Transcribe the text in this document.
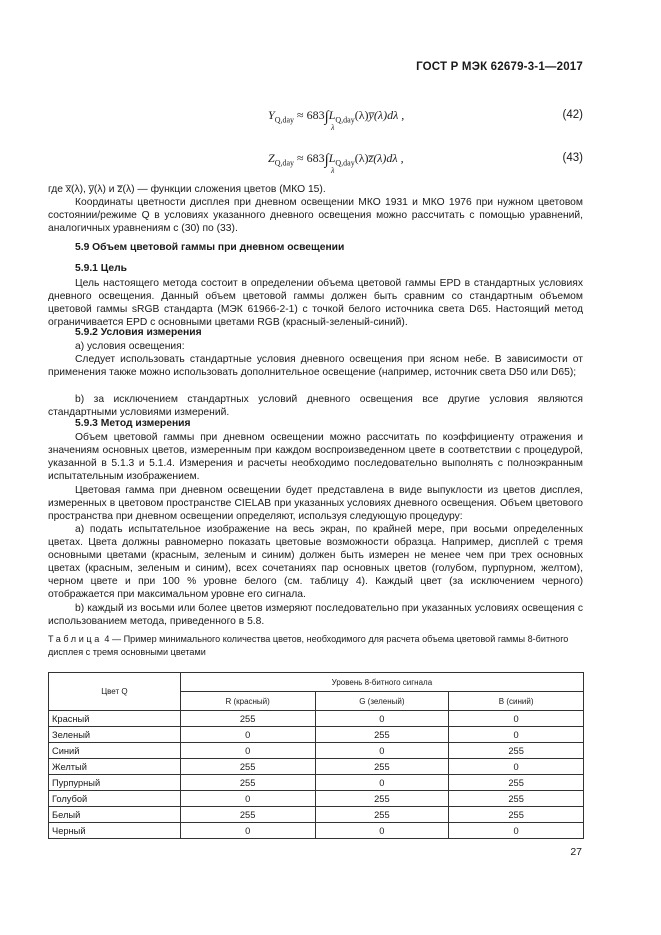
ГОСТ Р МЭК 62679-3-1—2017
$Y_{Q,day}$ ≈ $683\int L_{Q,day}(\lambda)y̅(\lambda)d\lambda$ ,
λ
(42)
$Z_{Q,day}$ ≈ $683\int L_{Q,day}(\lambda)z̅(\lambda)d\lambda$ ,
λ
(43)
где x̅(λ), y̅(λ) и z̅(λ) — функции сложения цветов (МКО 15).
Координаты цветности дисплея при дневном освещении МКО 1931 и МКО 1976 при нужном цветовом состоянии/режиме Q в условиях указанного дневного освещения можно рассчитать с помощью уравнений, аналогичных уравнениям с (30) по (33).
5.9 Объем цветовой гаммы при дневном освещении
5.9.1 Цель
Цель настоящего метода состоит в определении объема цветовой гаммы EPD в стандартных условиях дневного освещения. Данный объем цветовой гаммы должен быть сравним со стандартным объемом цветовой гаммы sRGB стандарта (МЭК 61966-2-1) с точкой белого источника света D65. Настоящий метод ограничивается EPD с основными цветами RGB (красный-зеленый-синий).
5.9.2 Условия измерения
а) условия освещения:
Следует использовать стандартные условия дневного освещения при ясном небе. В зависимости от применения также можно использовать дополнительное освещение (например, источник света D50 или D65);
b) за исключением стандартных условий дневного освещения все другие условия являются стандартными условиями измерений.
5.9.3 Метод измерения
Объем цветовой гаммы при дневном освещении можно рассчитать по коэффициенту отражения и значениям основных цветов, измеренным при каждом воспроизведенном цвете в соответствии с процедурой, указанной в 5.1.3 и 5.1.4. Измерения и расчеты необходимо последовательно выполнять с полноэкранным испытательным изображением.
Цветовая гамма при дневном освещении будет представлена в виде выпуклости из цветов дисплея, измеренных в цветовом пространстве CIELAB при указанных условиях дневного освещения. Объем цветового пространства при дневном освещении определяют, используя следующую процедуру:
а) подать испытательное изображение на весь экран, по крайней мере, при восьми определенных цветах. Цвета должны равномерно показать цветовые возможности образца. Например, дисплей с тремя основными цветами (красным, зеленым и синим) должен быть измерен не менее чем при трех основных цветах (красным, зеленым и синим), всех сочетаниях пар основных цветов (голубом, пурпурном, желтом), черном цвете и при 100 % уровне белого (см. таблицу 4). Каждый цвет (за исключением черного) отображается при максимальном уровне его сигнала.
b) каждый из восьми или более цветов измеряют последовательно при указанных условиях освещения с использованием метода, приведенного в 5.8.
Таблица 4 — Пример минимального количества цветов, необходимого для расчета объема цветовой гаммы 8-битного дисплея с тремя основными цветами
Цвет Q	Уровень 8-битного сигнала		
	R (красный)	G (зеленый)	В (синий)
Красный	255	0	0
Зеленый	0	255	0
Синий	0	0	255
Желтый	255	255	0
Пурпурный	255	0	255
Голубой	0	255	255
Белый	255	255	255
Черный	0	0	0
27
